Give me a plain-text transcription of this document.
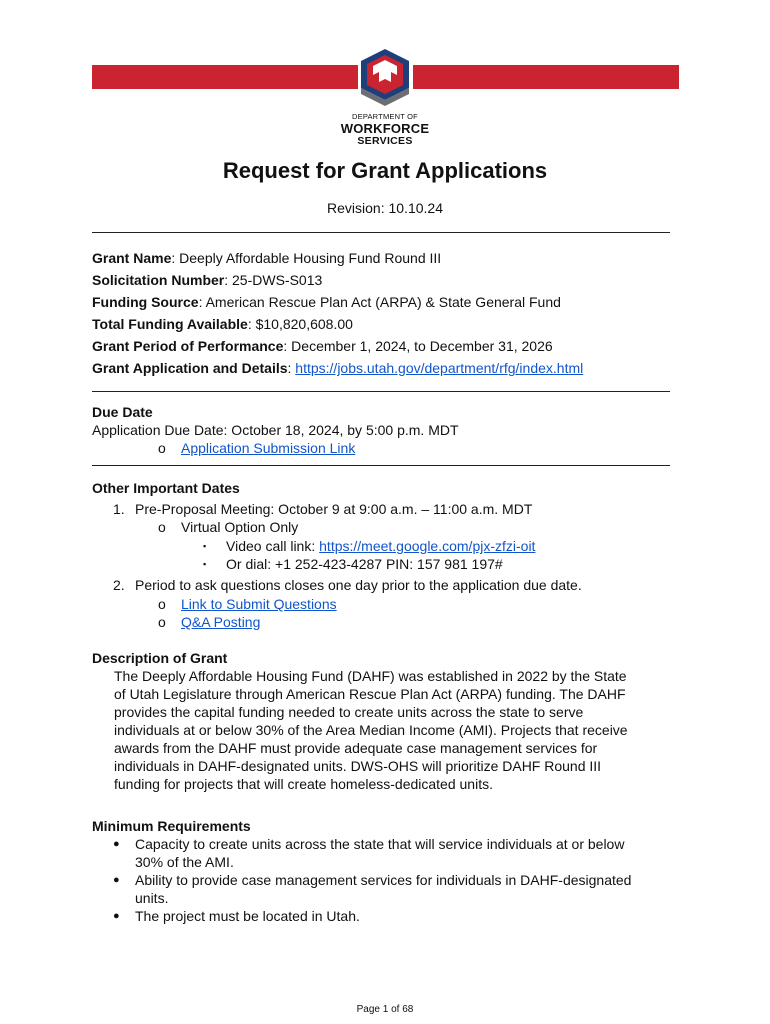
DEPARTMENT OF
WORKFORCE
SERVICES
Request for Grant Applications
Revision: 10.10.24
Grant Name: Deeply Affordable Housing Fund Round III
Solicitation Number: 25-DWS-S013
Funding Source: American Rescue Plan Act (ARPA) & State General Fund
Total Funding Available: $10,820,608.00
Grant Period of Performance: December 1, 2024, to December 31, 2026
Grant Application and Details: https://jobs.utah.gov/department/rfg/index.html
Due Date
Application Due Date: October 18, 2024, by 5:00 p.m. MDT
o Application Submission Link
Other Important Dates
1. Pre-Proposal Meeting: October 9 at 9:00 a.m. – 11:00 a.m. MDT
o Virtual Option Only
▪ Video call link: https://meet.google.com/pjx-zfzi-oit
▪ Or dial: +1 252-423-4287 PIN: 157 981 197#
2. Period to ask questions closes one day prior to the application due date.
o Link to Submit Questions
o Q&A Posting
Description of Grant
The Deeply Affordable Housing Fund (DAHF) was established in 2022 by the State
of Utah Legislature through American Rescue Plan Act (ARPA) funding. The DAHF
provides the capital funding needed to create units across the state to serve
individuals at or below 30% of the Area Median Income (AMI). Projects that receive
awards from the DAHF must provide adequate case management services for
individuals in DAHF-designated units. DWS-OHS will prioritize DAHF Round III
funding for projects that will create homeless-dedicated units.
Minimum Requirements
● Capacity to create units across the state that will service individuals at or below
30% of the AMI.
● Ability to provide case management services for individuals in DAHF-designated
units.
● The project must be located in Utah.
Page 1 of 68
